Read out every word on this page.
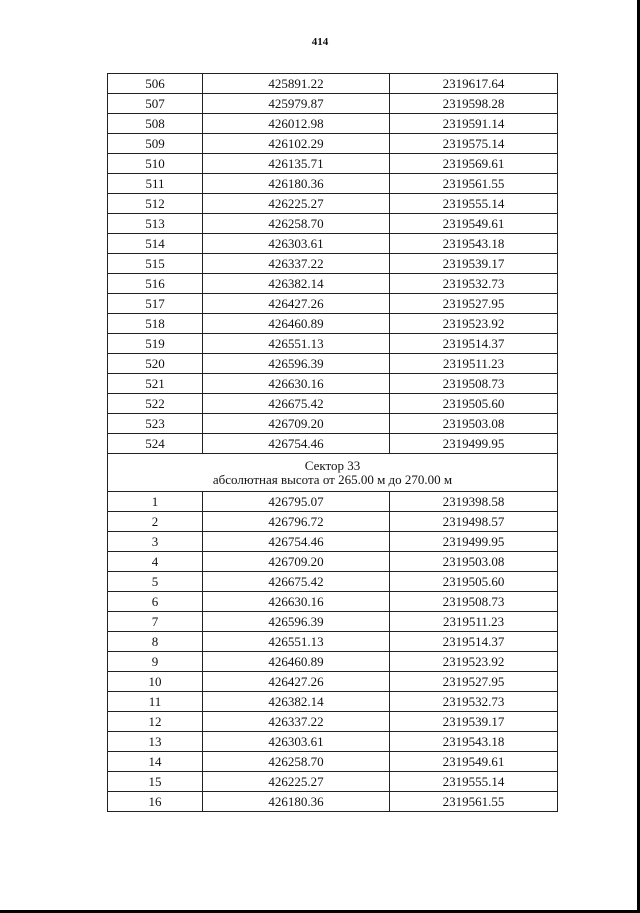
414
506	425891.22	2319617.64
507	425979.87	2319598.28
508	426012.98	2319591.14
509	426102.29	2319575.14
510	426135.71	2319569.61
511	426180.36	2319561.55
512	426225.27	2319555.14
513	426258.70	2319549.61
514	426303.61	2319543.18
515	426337.22	2319539.17
516	426382.14	2319532.73
517	426427.26	2319527.95
518	426460.89	2319523.92
519	426551.13	2319514.37
520	426596.39	2319511.23
521	426630.16	2319508.73
522	426675.42	2319505.60
523	426709.20	2319503.08
524	426754.46	2319499.95

Сектор 33
абсолютная высота от 265.00 м до 270.00 м		

1	426795.07	2319398.58
2	426796.72	2319498.57
3	426754.46	2319499.95
4	426709.20	2319503.08
5	426675.42	2319505.60
6	426630.16	2319508.73
7	426596.39	2319511.23
8	426551.13	2319514.37
9	426460.89	2319523.92
10	426427.26	2319527.95
11	426382.14	2319532.73
12	426337.22	2319539.17
13	426303.61	2319543.18
14	426258.70	2319549.61
15	426225.27	2319555.14
16	426180.36	2319561.55
